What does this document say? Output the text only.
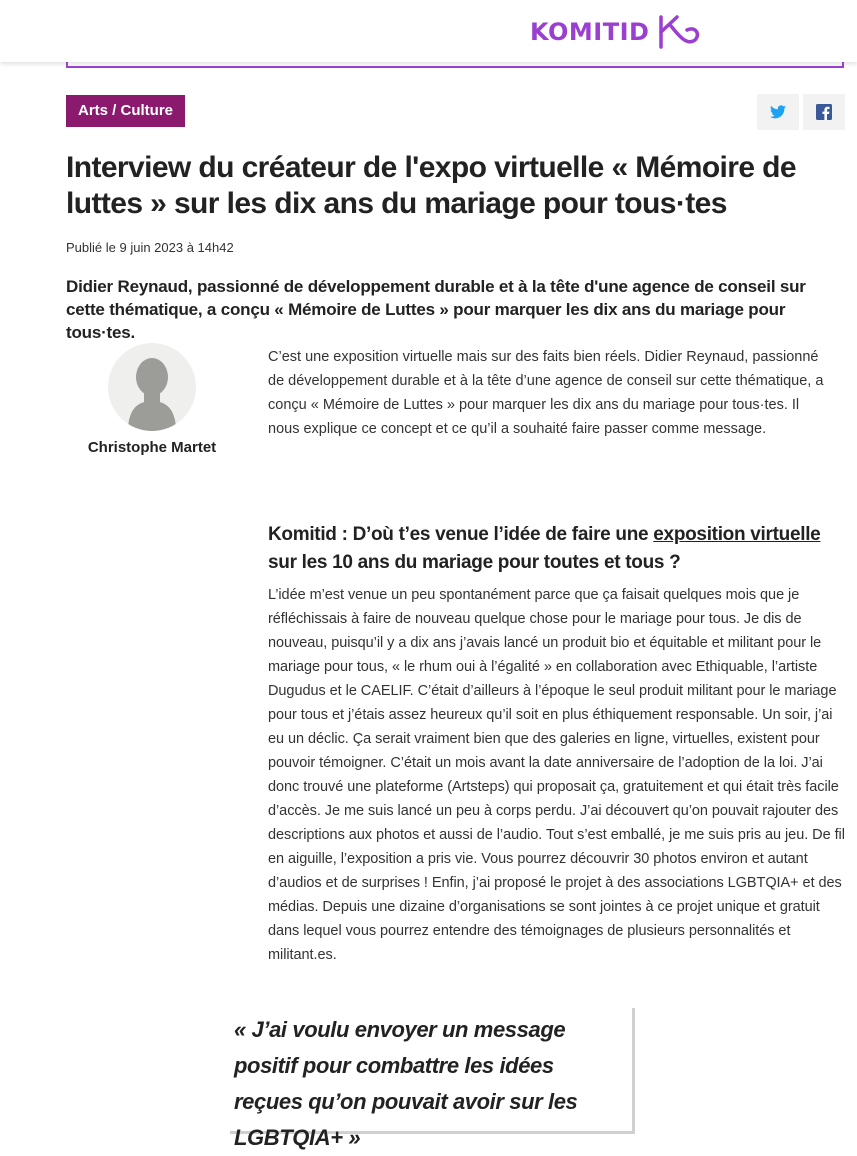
KOMITID
Arts / Culture
Interview du créateur de l'expo virtuelle « Mémoire de luttes » sur les dix ans du mariage pour tous·tes
Publié le 9 juin 2023 à 14h42

Didier Reynaud, passionné de développement durable et à la tête d'une agence de conseil sur cette thématique, a conçu « Mémoire de Luttes » pour marquer les dix ans du mariage pour tous·tes.

Christophe Martet

C’est une exposition virtuelle mais sur des faits bien réels. Didier Reynaud, passionné de développement durable et à la tête d’une agence de conseil sur cette thématique, a conçu « Mémoire de Luttes » pour marquer les dix ans du mariage pour tous·tes. Il nous explique ce concept et ce qu’il a souhaité faire passer comme message.

Komitid : D’où t’es venue l’idée de faire une exposition virtuelle sur les 10 ans du mariage pour toutes et tous ?

L’idée m’est venue un peu spontanément parce que ça faisait quelques mois que je réfléchissais à faire de nouveau quelque chose pour le mariage pour tous. Je dis de nouveau, puisqu’il y a dix ans j’avais lancé un produit bio et équitable et militant pour le mariage pour tous, « le rhum oui à l’égalité » en collaboration avec Ethiquable, l’artiste Dugudus et le CAELIF. C’était d’ailleurs à l’époque le seul produit militant pour le mariage pour tous et j’étais assez heureux qu’il soit en plus éthiquement responsable. Un soir, j’ai eu un déclic. Ça serait vraiment bien que des galeries en ligne, virtuelles, existent pour pouvoir témoigner. C’était un mois avant la date anniversaire de l’adoption de la loi. J’ai donc trouvé une plateforme (Artsteps) qui proposait ça, gratuitement et qui était très facile d’accès. Je me suis lancé un peu à corps perdu. J’ai découvert qu’on pouvait rajouter des descriptions aux photos et aussi de l’audio. Tout s’est emballé, je me suis pris au jeu. De fil en aiguille, l’exposition a pris vie. Vous pourrez découvrir 30 photos environ et autant d’audios et de surprises ! Enfin, j’ai proposé le projet à des associations LGBTQIA+ et des médias. Depuis une dizaine d’organisations se sont jointes à ce projet unique et gratuit dans lequel vous pourrez entendre des témoignages de plusieurs personnalités et militant.es.

« J’ai voulu envoyer un message positif pour combattre les idées reçues qu’on pouvait avoir sur les LGBTQIA+ »
